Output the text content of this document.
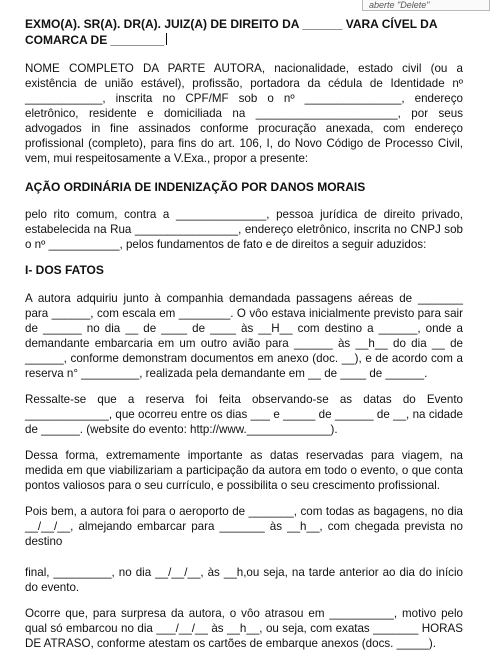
aberte "Delete"
EXMO(A). SR(A). DR(A). JUIZ(A) DE DIREITO DA ______ VARA CÍVEL DA COMARCA DE ________

NOME COMPLETO DA PARTE AUTORA, nacionalidade, estado civil (ou a existência de união estável), profissão, portadora da cédula de Identidade nº ____________, inscrita no CPF/MF sob o nº _______________, endereço eletrônico, residente e domiciliada na ______________________, por seus advogados in fine assinados conforme procuração anexada, com endereço profissional (completo), para fins do art. 106, I, do Novo Código de Processo Civil, vem, mui respeitosamente a V.Exa., propor a presente:

AÇÃO ORDINÁRIA DE INDENIZAÇÃO POR DANOS MORAIS

pelo rito comum, contra a ______________, pessoa jurídica de direito privado, estabelecida na Rua ________________, endereço eletrônico, inscrita no CNPJ sob o nº ___________, pelos fundamentos de fato e de direitos a seguir aduzidos:

I- DOS FATOS

A autora adquiriu junto à companhia demandada passagens aéreas de _______ para ______, com escala em ________. O vôo estava inicialmente previsto para sair de ______ no dia __ de ____ de ____ às __H__ com destino a ______, onde a demandante embarcaria em um outro avião para ______ às __h__ do dia __ de ______, conforme demonstram documentos em anexo (doc. __), e de acordo com a reserva n° _________, realizada pela demandante em __ de ____ de ______.

Ressalte-se que a reserva foi feita observando-se as datas do Evento _____________, que ocorreu entre os dias ___ e _____ de ______ de __, na cidade de ______. (website do evento: http://www._____________).

Dessa forma, extremamente importante as datas reservadas para viagem, na medida em que viabilizariam a participação da autora em todo o evento, o que conta pontos valiosos para o seu currículo, e possibilita o seu crescimento profissional.

Pois bem, a autora foi para o aeroporto de _______, com todas as bagagens, no dia __/__/__, almejando embarcar para _______ às __h__, com chegada prevista no destino

final, _________, no dia __/__/__, às __h,ou seja, na tarde anterior ao dia do início do evento.

Ocorre que, para surpresa da autora, o vôo atrasou em __________, motivo pelo qual só embarcou no dia ___/__/__ às __h__, ou seja, com exatas _______ HORAS DE ATRASO, conforme atestam os cartões de embarque anexos (docs. _____).
